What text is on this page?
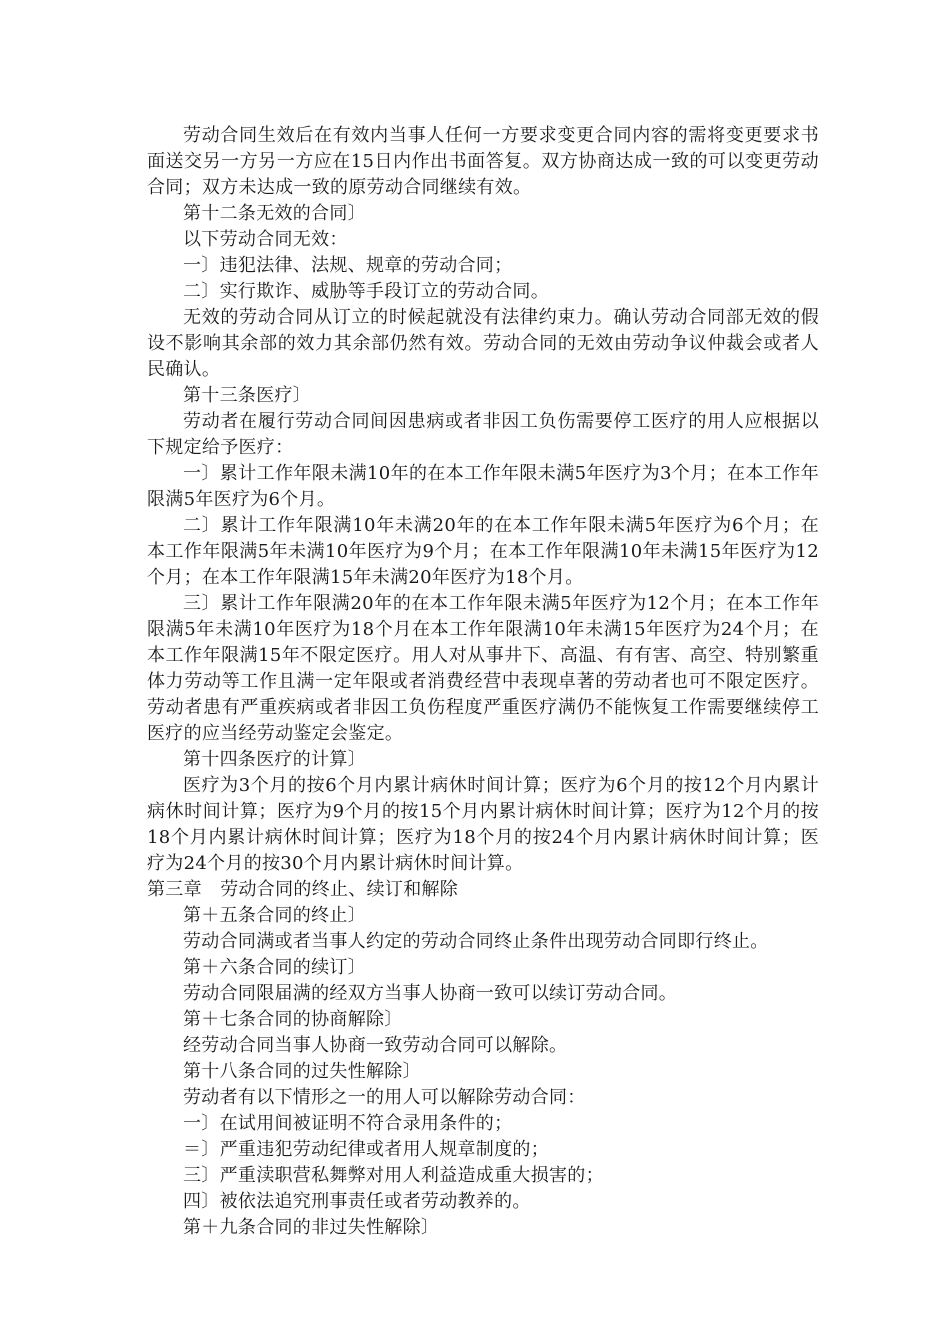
劳动合同生效后在有效内当事人任何一方要求变更合同内容的需将变更要求书面送交另一方另一方应在15日内作出书面答复。双方协商达成一致的可以变更劳动合同；双方未达成一致的原劳动合同继续有效。

第十二条无效的合同〕

以下劳动合同无效：

一〕违犯法律、法规、规章的劳动合同；

二〕实行欺诈、威胁等手段订立的劳动合同。

无效的劳动合同从订立的时候起就没有法律约束力。确认劳动合同部无效的假设不影响其余部的效力其余部仍然有效。劳动合同的无效由劳动争议仲裁会或者人民确认。

第十三条医疗〕

劳动者在履行劳动合同间因患病或者非因工负伤需要停工医疗的用人应根据以下规定给予医疗：

一〕累计工作年限未满10年的在本工作年限未满5年医疗为3个月；在本工作年限满5年医疗为6个月。

二〕累计工作年限满10年未满20年的在本工作年限未满5年医疗为6个月；在本工作年限满5年未满10年医疗为9个月；在本工作年限满10年未满15年医疗为12个月；在本工作年限满15年未满20年医疗为18个月。

三〕累计工作年限满20年的在本工作年限未满5年医疗为12个月；在本工作年限满5年未满10年医疗为18个月在本工作年限满10年未满15年医疗为24个月；在本工作年限满15年不限定医疗。用人对从事井下、高温、有有害、高空、特别繁重体力劳动等工作且满一定年限或者消费经营中表现卓著的劳动者也可不限定医疗。劳动者患有严重疾病或者非因工负伤程度严重医疗满仍不能恢复工作需要继续停工医疗的应当经劳动鉴定会鉴定。

第十四条医疗的计算〕

医疗为3个月的按6个月内累计病休时间计算；医疗为6个月的按12个月内累计病休时间计算；医疗为9个月的按15个月内累计病休时间计算；医疗为12个月的按18个月内累计病休时间计算；医疗为18个月的按24个月内累计病休时间计算；医疗为24个月的按30个月内累计病休时间计算。

第三章　劳动合同的终止、续订和解除

第＋五条合同的终止〕

劳动合同满或者当事人约定的劳动合同终止条件出现劳动合同即行终止。

第＋六条合同的续订〕

劳动合同限届满的经双方当事人协商一致可以续订劳动合同。

第＋七条合同的协商解除〕

经劳动合同当事人协商一致劳动合同可以解除。

第十八条合同的过失性解除〕

劳动者有以下情形之一的用人可以解除劳动合同：

一〕在试用间被证明不符合录用条件的；

＝〕严重违犯劳动纪律或者用人规章制度的；

三〕严重渎职营私舞弊对用人利益造成重大损害的；

四〕被依法追究刑事责任或者劳动教养的。

第＋九条合同的非过失性解除〕
